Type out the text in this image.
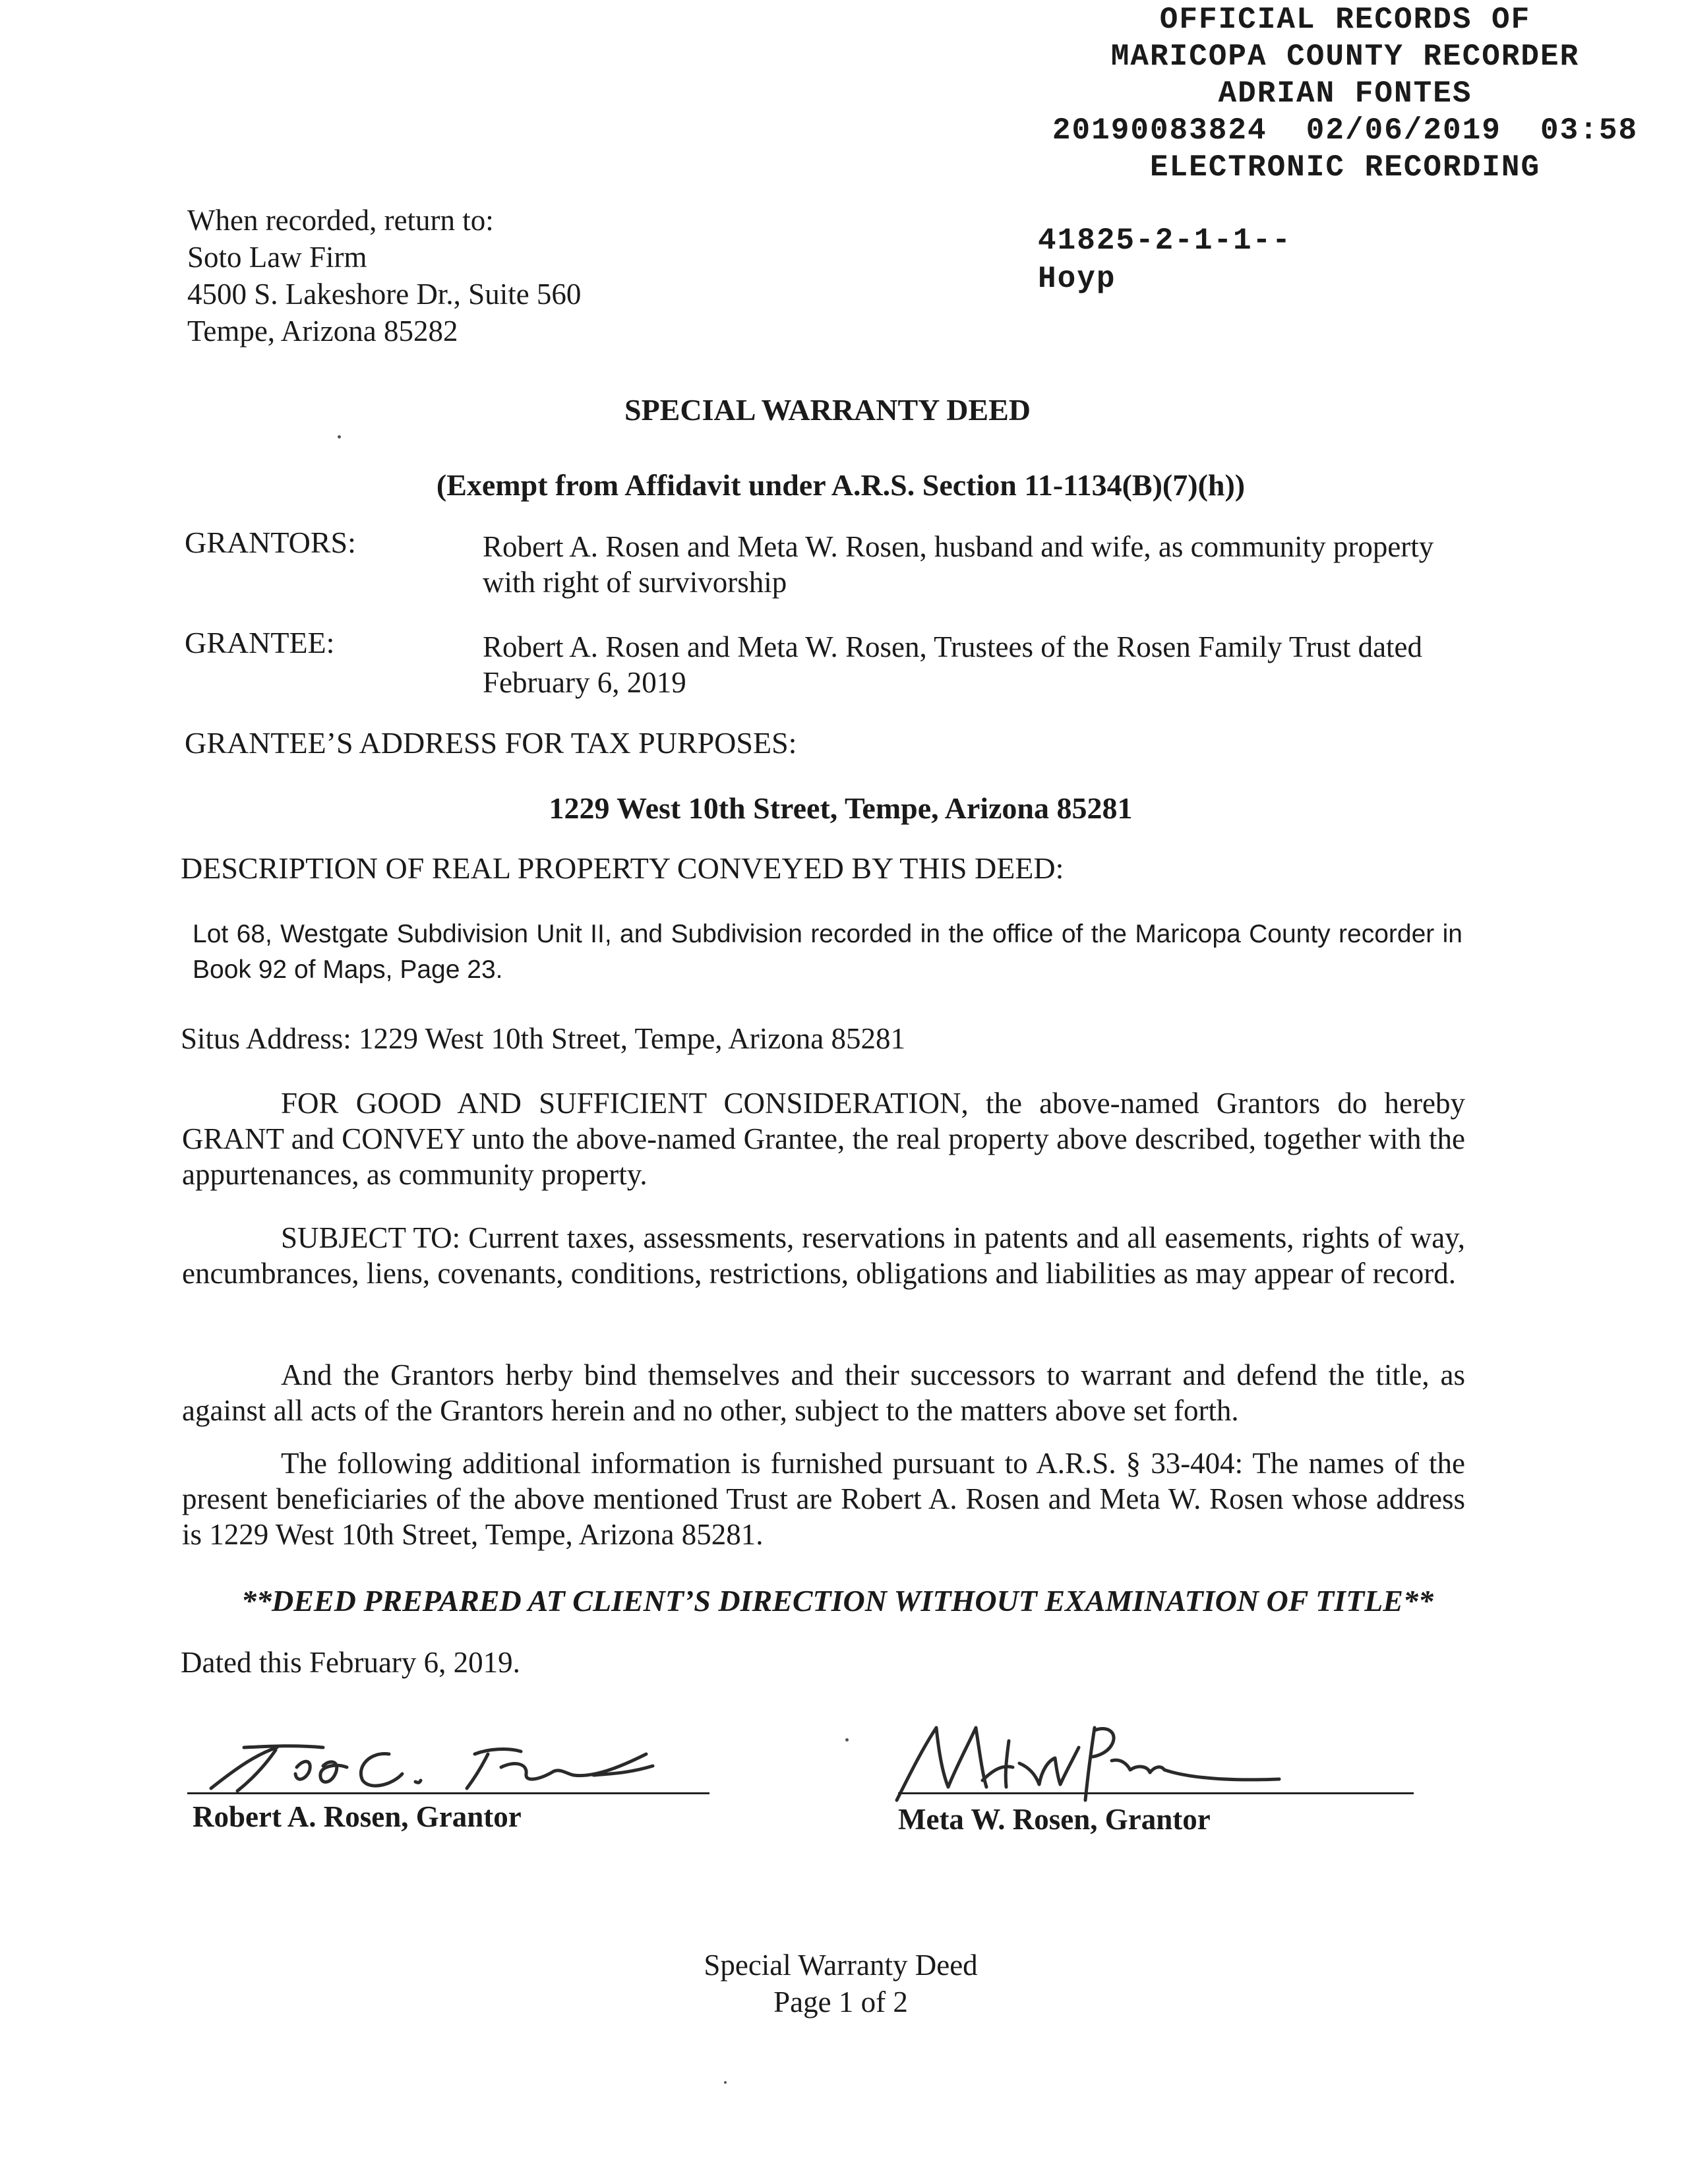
OFFICIAL RECORDS OF
MARICOPA COUNTY RECORDER
ADRIAN FONTES
20190083824  02/06/2019  03:58
ELECTRONIC RECORDING
When recorded, return to:
Soto Law Firm
4500 S. Lakeshore Dr., Suite 560
Tempe, Arizona 85282
41825-2-1-1--
Hoyp
SPECIAL WARRANTY DEED
(Exempt from Affidavit under A.R.S. Section 11-1134(B)(7)(h))
GRANTORS:	Robert A. Rosen and Meta W. Rosen, husband and wife, as community property with right of survivorship
GRANTEE:	Robert A. Rosen and Meta W. Rosen, Trustees of the Rosen Family Trust dated February 6, 2019
GRANTEE’S ADDRESS FOR TAX PURPOSES:
1229 West 10th Street, Tempe, Arizona 85281
DESCRIPTION OF REAL PROPERTY CONVEYED BY THIS DEED:
Lot 68, Westgate Subdivision Unit II, and Subdivision recorded in the office of the Maricopa County recorder in Book 92 of Maps, Page 23.
Situs Address: 1229 West 10th Street, Tempe, Arizona 85281
FOR GOOD AND SUFFICIENT CONSIDERATION, the above-named Grantors do hereby GRANT and CONVEY unto the above-named Grantee, the real property above described, together with the appurtenances, as community property.
SUBJECT TO: Current taxes, assessments, reservations in patents and all easements, rights of way, encumbrances, liens, covenants, conditions, restrictions, obligations and liabilities as may appear of record.
And the Grantors herby bind themselves and their successors to warrant and defend the title, as against all acts of the Grantors herein and no other, subject to the matters above set forth.
The following additional information is furnished pursuant to A.R.S. § 33-404: The names of the present beneficiaries of the above mentioned Trust are Robert A. Rosen and Meta W. Rosen whose address is 1229 West 10th Street, Tempe, Arizona 85281.
**DEED PREPARED AT CLIENT’S DIRECTION WITHOUT EXAMINATION OF TITLE**
Dated this February 6, 2019.
Robert A. Rosen, Grantor	Meta W. Rosen, Grantor
Special Warranty Deed
Page 1 of 2
